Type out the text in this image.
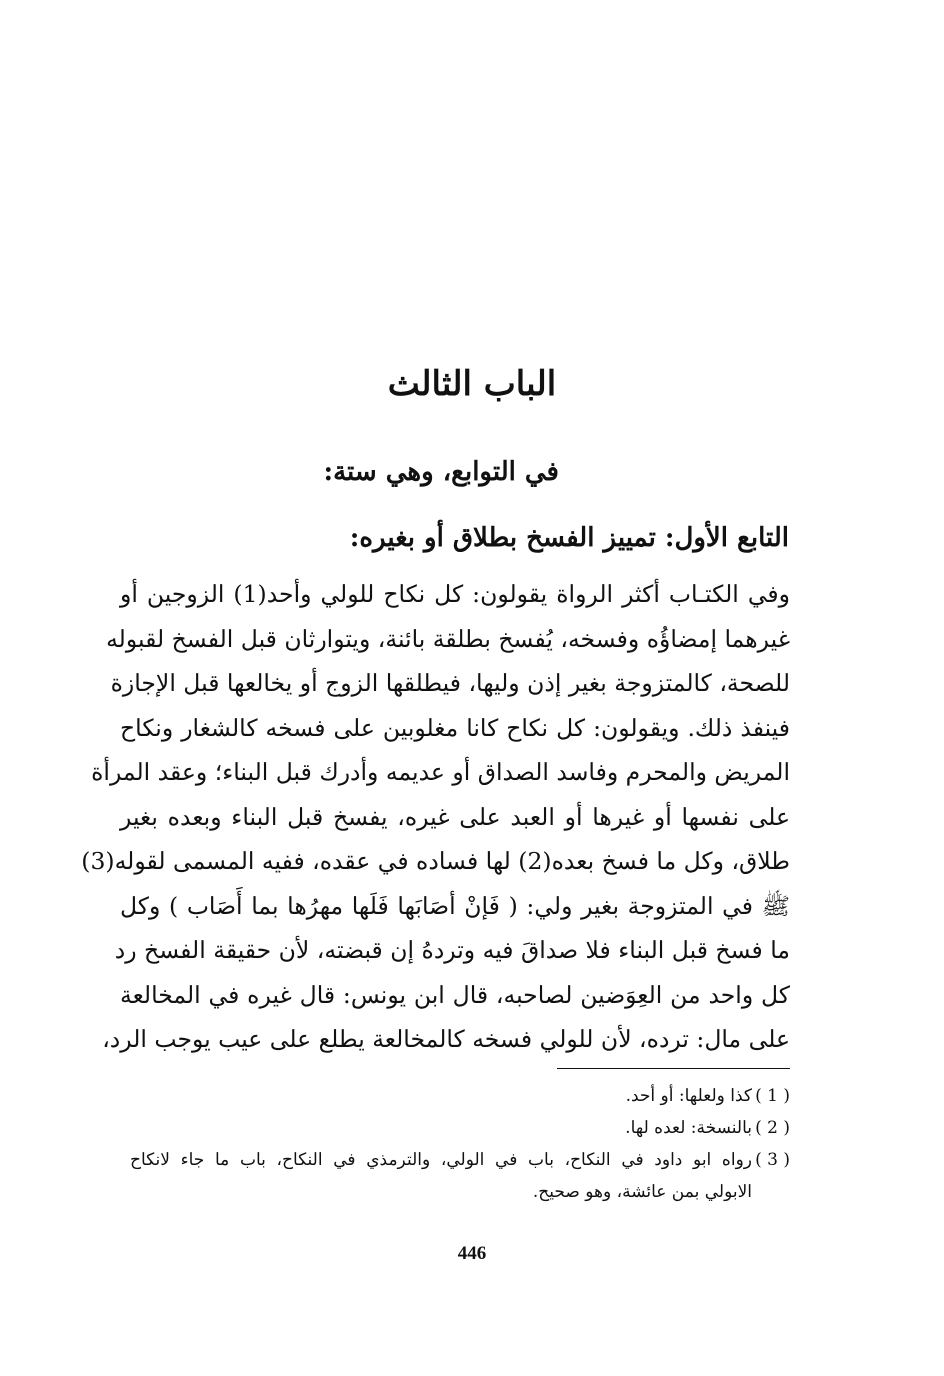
الباب الثالث
في التوابع، وهي ستة:
التابع الأول: تمييز الفسخ بطلاق أو بغيره:
وفي الكتـاب أكثر الرواة يقولون: كل نكاح للولي وأحد(1) الزوجين أو
غيرهما إمضاؤُه وفسخه، يُفسخ بطلقة بائنة، ويتوارثان قبل الفسخ لقبوله
للصحة، كالمتزوجة بغير إذن وليها، فيطلقها الزوج أو يخالعها قبل الإجازة
فينفذ ذلك. ويقولون: كل نكاح كانا مغلوبين على فسخه كالشغار ونكاح
المريض والمحرم وفاسد الصداق أو عديمه وأدرك قبل البناء؛ وعقد المرأة
على نفسها أو غيرها أو العبد على غيره، يفسخ قبل البناء وبعده بغير
طلاق، وكل ما فسخ بعده(2) لها فساده في عقده، ففيه المسمى لقوله(3)
ﷺ في المتزوجة بغير ولي: ( فَإنْ أصَابَها فَلَها مهرُها بما أَصَاب ) وكل
ما فسخ قبل البناء فلا صداقَ فيه وتردهُ إن قبضته، لأن حقيقة الفسخ رد
كل واحد من العِوَضين لصاحبه، قال ابن يونس: قال غيره في المخالعة
على مال: ترده، لأن للولي فسخه كالمخالعة يطلع على عيب يوجب الرد،
( 1 )
كذا ولعلها: أو أحد.
( 2 )
بالنسخة: لعده لها.
( 3 )
رواه ابو داود في النكاح، باب في الولي، والترمذي في النكاح، باب ما جاء لانكاح
الابولي بمن عائشة، وهو صحيح.
446
